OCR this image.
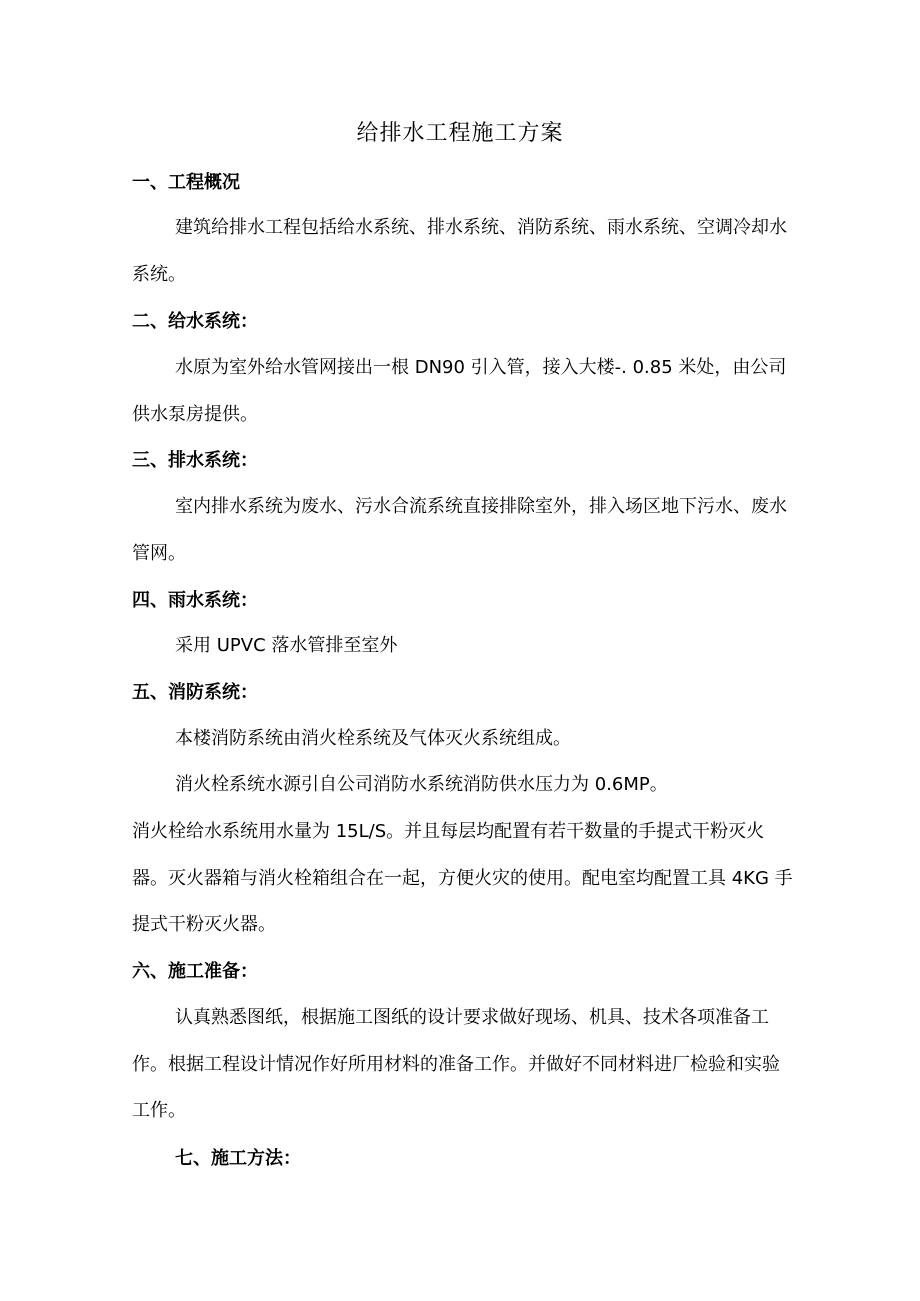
给排水工程施工方案
一、工程概况
建筑给排水工程包括给水系统、排水系统、消防系统、雨水系统、空调冷却水系统。
二、给水系统：
水原为室外给水管网接出一根 DN90 引入管，接入大楼-. 0.85 米处，由公司供水泵房提供。
三、排水系统：
室内排水系统为废水、污水合流系统直接排除室外，排入场区地下污水、废水管网。
四、雨水系统：
采用 UPVC 落水管排至室外
五、消防系统：
本楼消防系统由消火栓系统及气体灭火系统组成。
消火栓系统水源引自公司消防水系统消防供水压力为 0.6MP。
消火栓给水系统用水量为 15L/S。并且每层均配置有若干数量的手提式干粉灭火器。灭火器箱与消火栓箱组合在一起，方便火灾的使用。配电室均配置工具 4KG 手提式干粉灭火器。
六、施工准备：
认真熟悉图纸，根据施工图纸的设计要求做好现场、机具、技术各项准备工作。根据工程设计情况作好所用材料的准备工作。并做好不同材料进厂检验和实验工作。
七、施工方法：
